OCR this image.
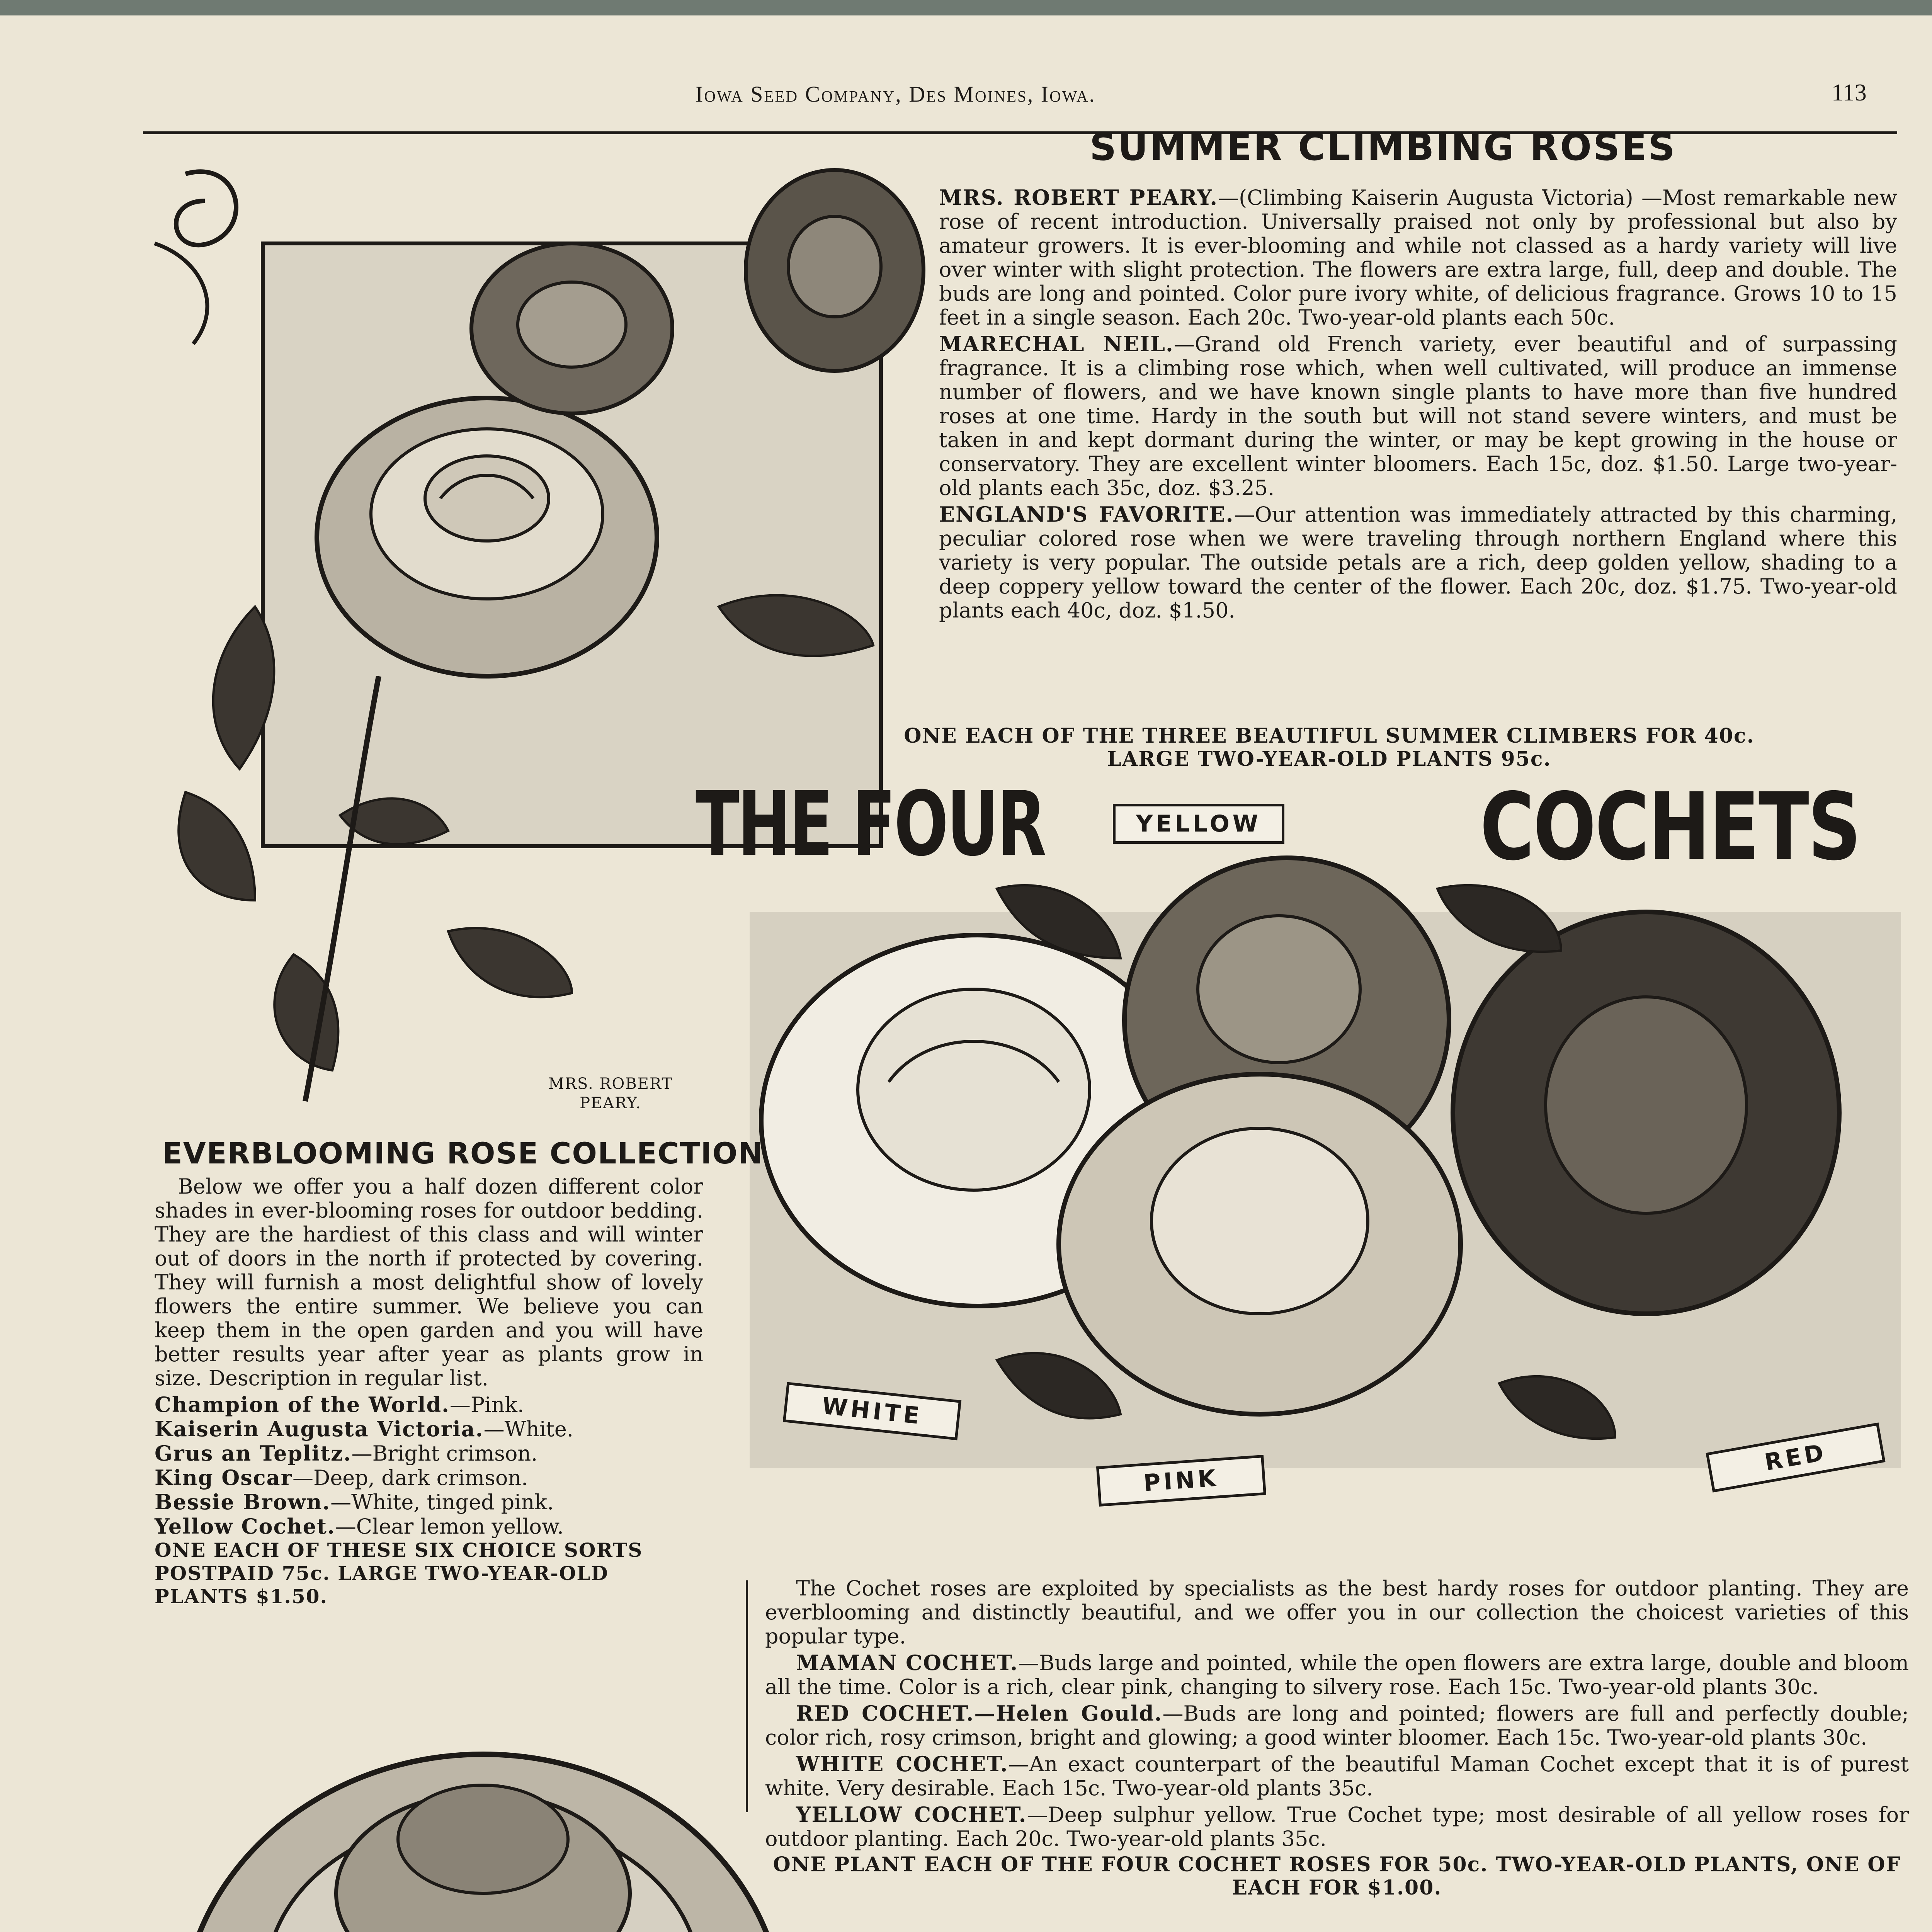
Iowa Seed Company, Des Moines, Iowa.	113
MRS. ROBERT
PEARY.
SUMMER CLIMBING ROSES

MRS. ROBERT PEARY.—(Climbing Kaiserin Augusta Victoria) —Most remarkable new rose of recent introduction. Universally praised not only by professional but also by amateur growers. It is ever-blooming and while not classed as a hardy variety will live over winter with slight protection. The flowers are extra large, full, deep and double. The buds are long and pointed. Color pure ivory white, of delicious fragrance. Grows 10 to 15 feet in a single season. Each 20c. Two-year-old plants each 50c.

MARECHAL NEIL.—Grand old French variety, ever beautiful and of surpassing fragrance. It is a climbing rose which, when well cultivated, will produce an immense number of flowers, and we have known single plants to have more than five hundred roses at one time. Hardy in the south but will not stand severe winters, and must be taken in and kept dormant during the winter, or may be kept growing in the house or conservatory. They are excellent winter bloomers. Each 15c, doz. $1.50. Large two-year-old plants each 35c, doz. $3.25.

ENGLAND'S FAVORITE.—Our attention was immediately attracted by this charming, peculiar colored rose when we were traveling through northern England where this variety is very popular. The outside petals are a rich, deep golden yellow, shading to a deep coppery yellow toward the center of the flower. Each 20c, doz. $1.75. Two-year-old plants each 40c, doz. $1.50.

ONE EACH OF THE THREE BEAUTIFUL SUMMER CLIMBERS FOR 40c.
LARGE TWO-YEAR-OLD PLANTS 95c.
THE FOUR	YELLOW COCHETS
WHITE
PINK
RED
EVERBLOOMING ROSE COLLECTION

Below we offer you a half dozen different color shades in ever-blooming roses for outdoor bedding. They are the hardiest of this class and will winter out of doors in the north if protected by covering. They will furnish a most delightful show of lovely flowers the entire summer. We believe you can keep them in the open garden and you will have better results year after year as plants grow in size. Description in regular list.

Champion of the World.—Pink.
Kaiserin Augusta Victoria.—White.
Grus an Teplitz.—Bright crimson.
King Oscar—Deep, dark crimson.
Bessie Brown.—White, tinged pink.
Yellow Cochet.—Clear lemon yellow.
ONE EACH OF THESE SIX CHOICE SORTS POSTPAID 75c. LARGE TWO-YEAR-OLD PLANTS $1.50.	The Cochet roses are exploited by specialists as the best hardy roses for outdoor planting. They are everblooming and distinctly beautiful, and we offer you in our collection the choicest varieties of this popular type.

MAMAN COCHET.—Buds large and pointed, while the open flowers are extra large, double and bloom all the time. Color is a rich, clear pink, changing to silvery rose. Each 15c. Two-year-old plants 30c.

RED COCHET.—Helen Gould.—Buds are long and pointed; flowers are full and perfectly double; color rich, rosy crimson, bright and glowing; a good winter bloomer. Each 15c. Two-year-old plants 30c.

WHITE COCHET.—An exact counterpart of the beautiful Maman Cochet except that it is of purest white. Very desirable. Each 15c. Two-year-old plants 35c.

YELLOW COCHET.—Deep sulphur yellow. True Cochet type; most desirable of all yellow roses for outdoor planting. Each 20c. Two-year-old plants 35c.

ONE PLANT EACH OF THE FOUR COCHET ROSES FOR 50c. TWO-YEAR-OLD PLANTS, ONE OF EACH FOR $1.00.
